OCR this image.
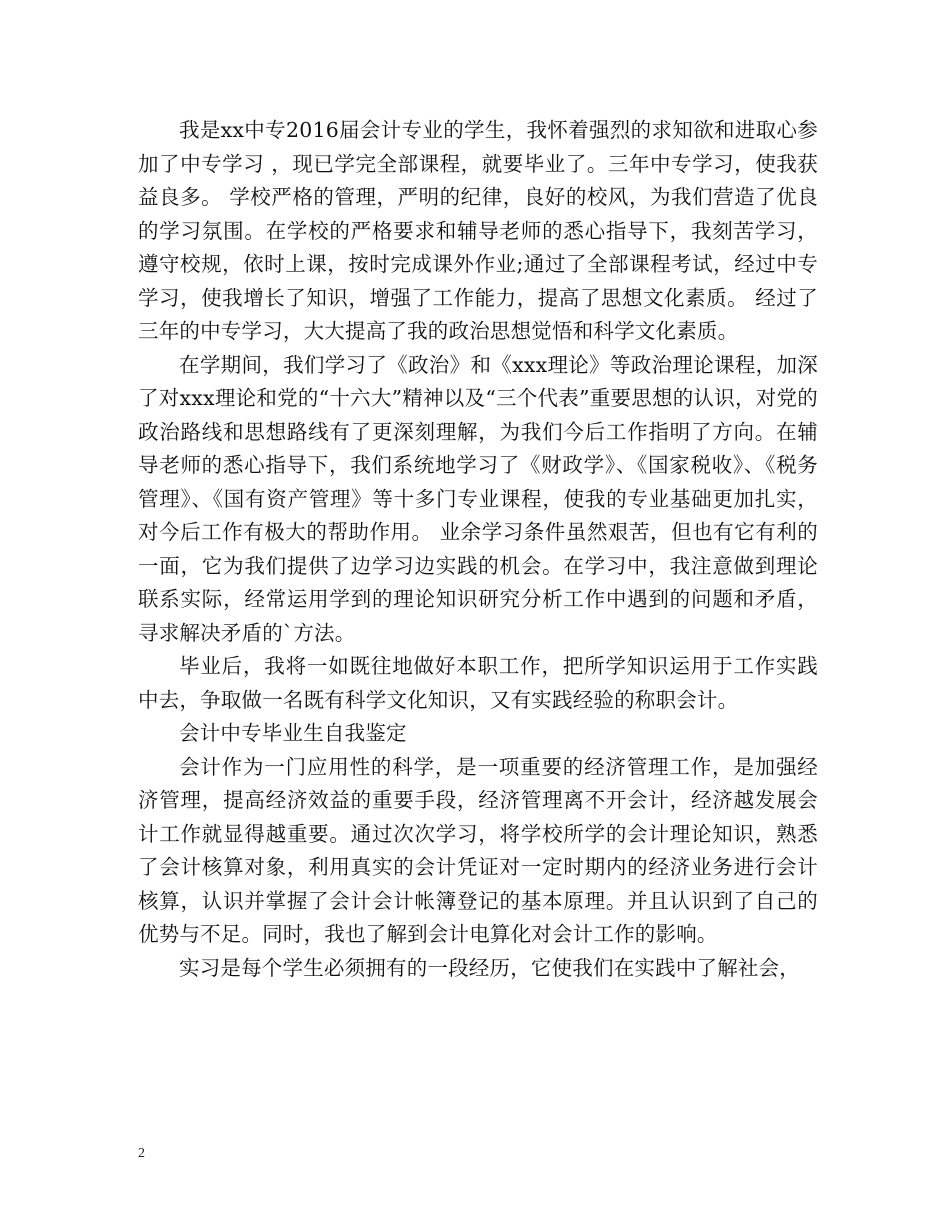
我是xx中专2016届会计专业的学生，我怀着强烈的求知欲和进取心参加了中专学习 ，现已学完全部课程，就要毕业了。三年中专学习，使我获益良多。 学校严格的管理，严明的纪律，良好的校风，为我们营造了优良的学习氛围。在学校的严格要求和辅导老师的悉心指导下，我刻苦学习，遵守校规，依时上课，按时完成课外作业;通过了全部课程考试，经过中专学习，使我增长了知识，增强了工作能力，提高了思想文化素质。 经过了三年的中专学习，大大提高了我的政治思想觉悟和科学文化素质。

在学期间，我们学习了《政治》和《xxx理论》等政治理论课程，加深了对xxx理论和党的“十六大”精神以及“三个代表”重要思想的认识，对党的政治路线和思想路线有了更深刻理解，为我们今后工作指明了方向。在辅导老师的悉心指导下，我们系统地学习了《财政学》、《国家税收》、《税务管理》、《国有资产管理》等十多门专业课程，使我的专业基础更加扎实，对今后工作有极大的帮助作用。 业余学习条件虽然艰苦，但也有它有利的一面，它为我们提供了边学习边实践的机会。在学习中，我注意做到理论联系实际，经常运用学到的理论知识研究分析工作中遇到的问题和矛盾，寻求解决矛盾的`方法。

毕业后，我将一如既往地做好本职工作，把所学知识运用于工作实践中去，争取做一名既有科学文化知识，又有实践经验的称职会计。

会计中专毕业生自我鉴定

会计作为一门应用性的科学，是一项重要的经济管理工作，是加强经济管理，提高经济效益的重要手段，经济管理离不开会计，经济越发展会计工作就显得越重要。通过次次学习，将学校所学的会计理论知识，熟悉了会计核算对象，利用真实的会计凭证对一定时期内的经济业务进行会计核算，认识并掌握了会计会计帐簿登记的基本原理。并且认识到了自己的优势与不足。同时，我也了解到会计电算化对会计工作的影响。

实习是每个学生必须拥有的一段经历，它使我们在实践中了解社会，

2
